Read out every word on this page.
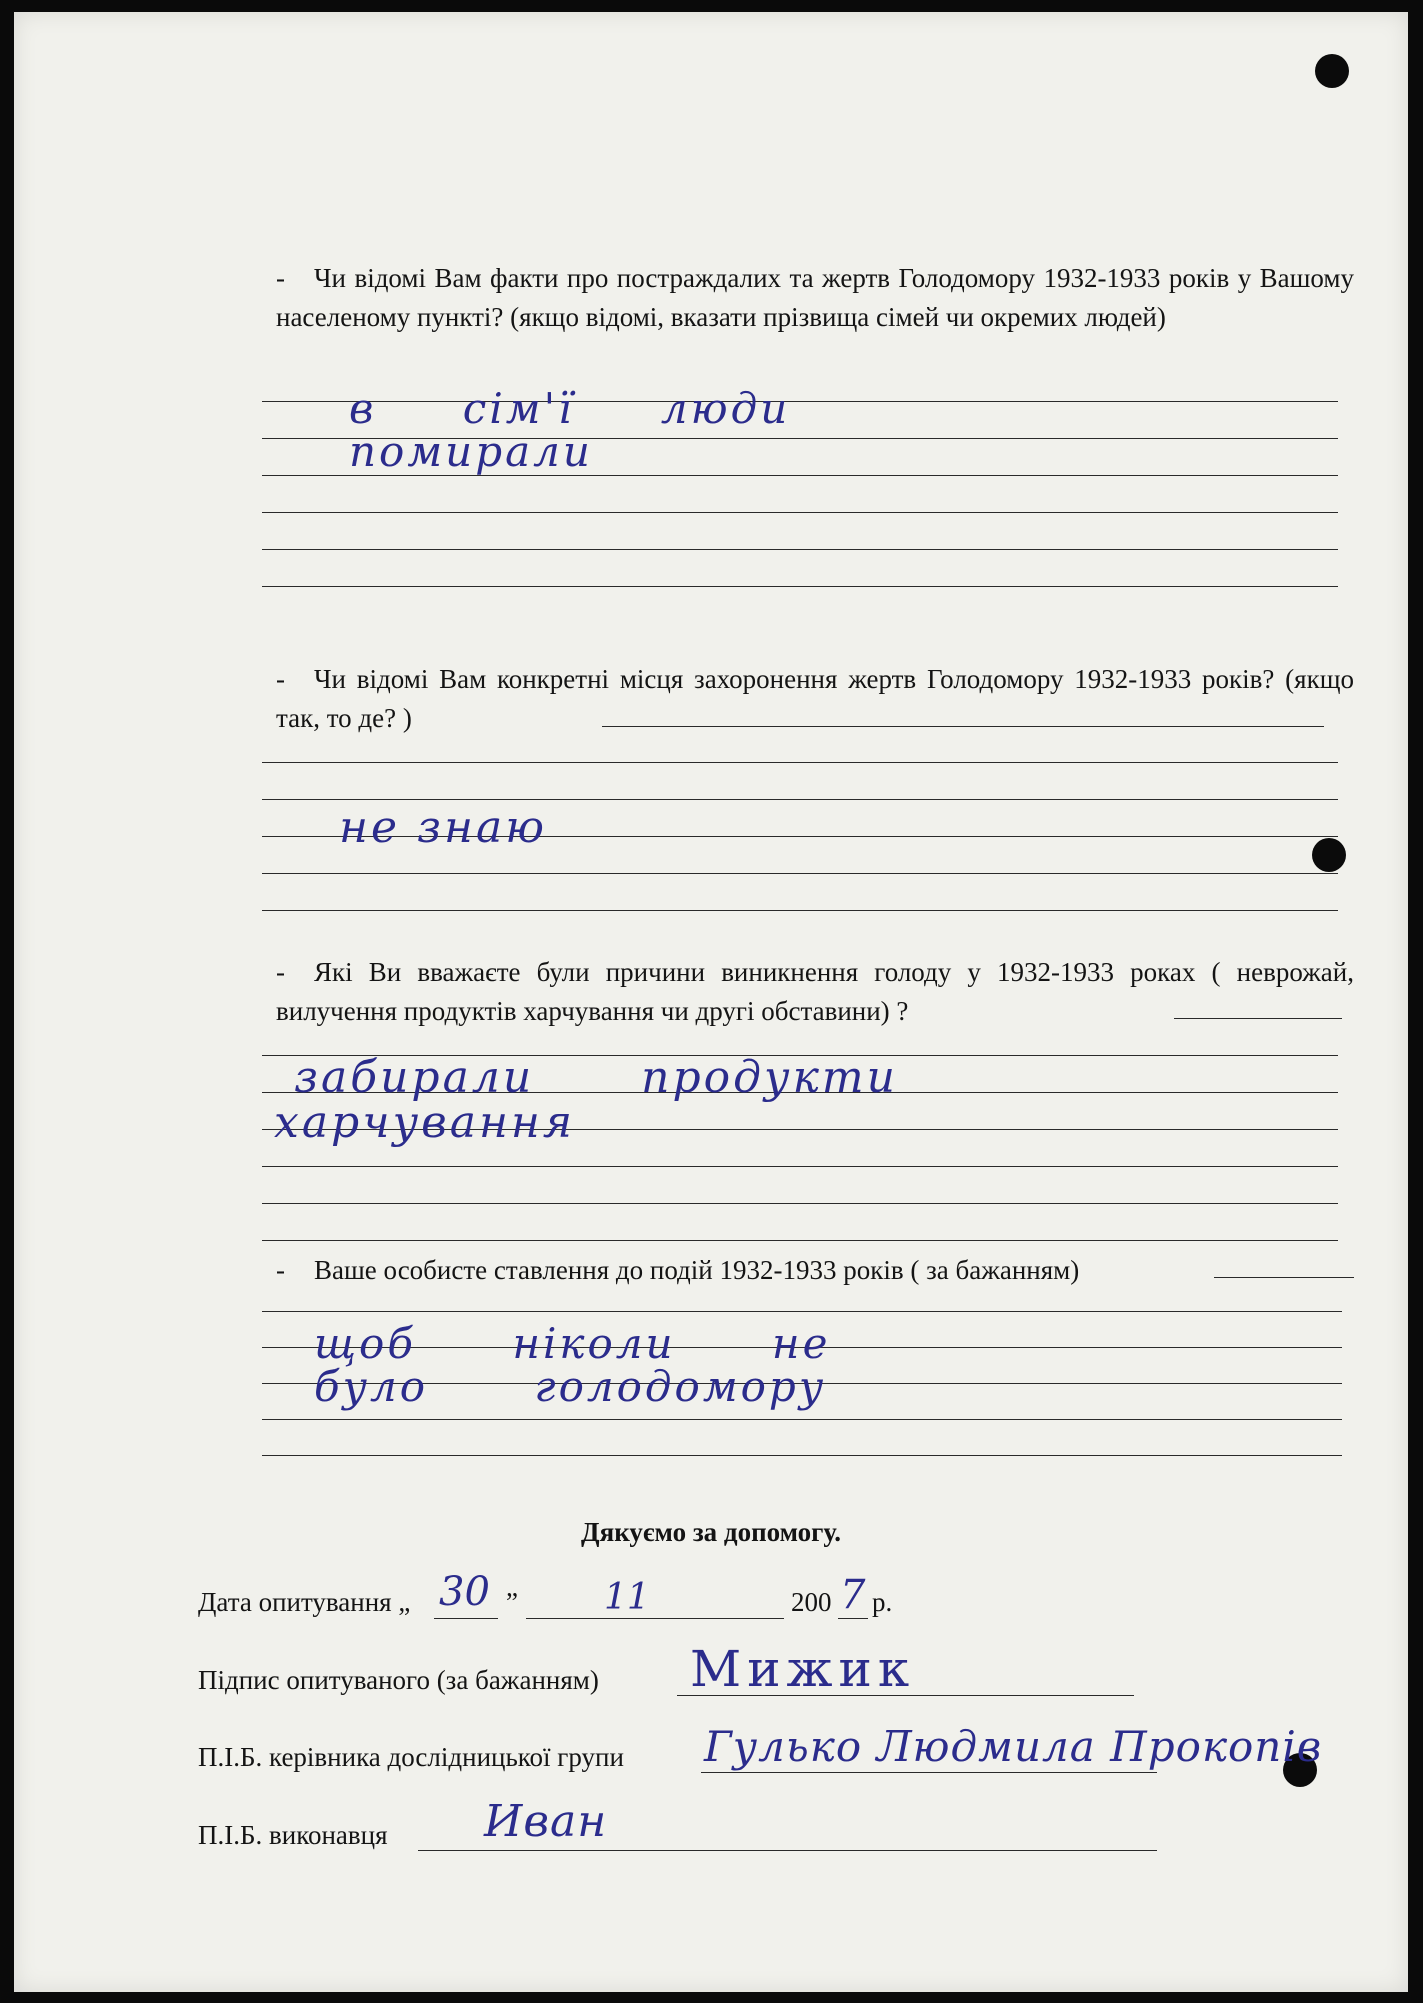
- Чи відомі Вам факти про постраждалих та жертв Голодомору 1932-1933 років у Вашому населеному пункті? (якщо відомі, вказати прізвища сімей чи окремих людей)

в сім'ї люди
помирали

- Чи відомі Вам конкретні місця захоронення жертв Голодомору 1932-1933 років? (якщо так, то де? )

не знаю

- Які Ви вважаєте були причини виникнення голоду у 1932-1933 роках ( неврожай, вилучення продуктів харчування чи другі обставини) ?

забирали продукти
харчування

- Ваше особисте ставлення до подій 1932-1933 років ( за бажанням)

щоб ніколи не
було голодомору
Дякуємо за допомогу.
Дата опитування „ 30 ” 11	200 7 р.
Підпис опитуваного (за бажанням) Мижик
П.І.Б. керівника дослідницької групи Гулько Людмила Прокопів
П.І.Б. виконавця Иван
